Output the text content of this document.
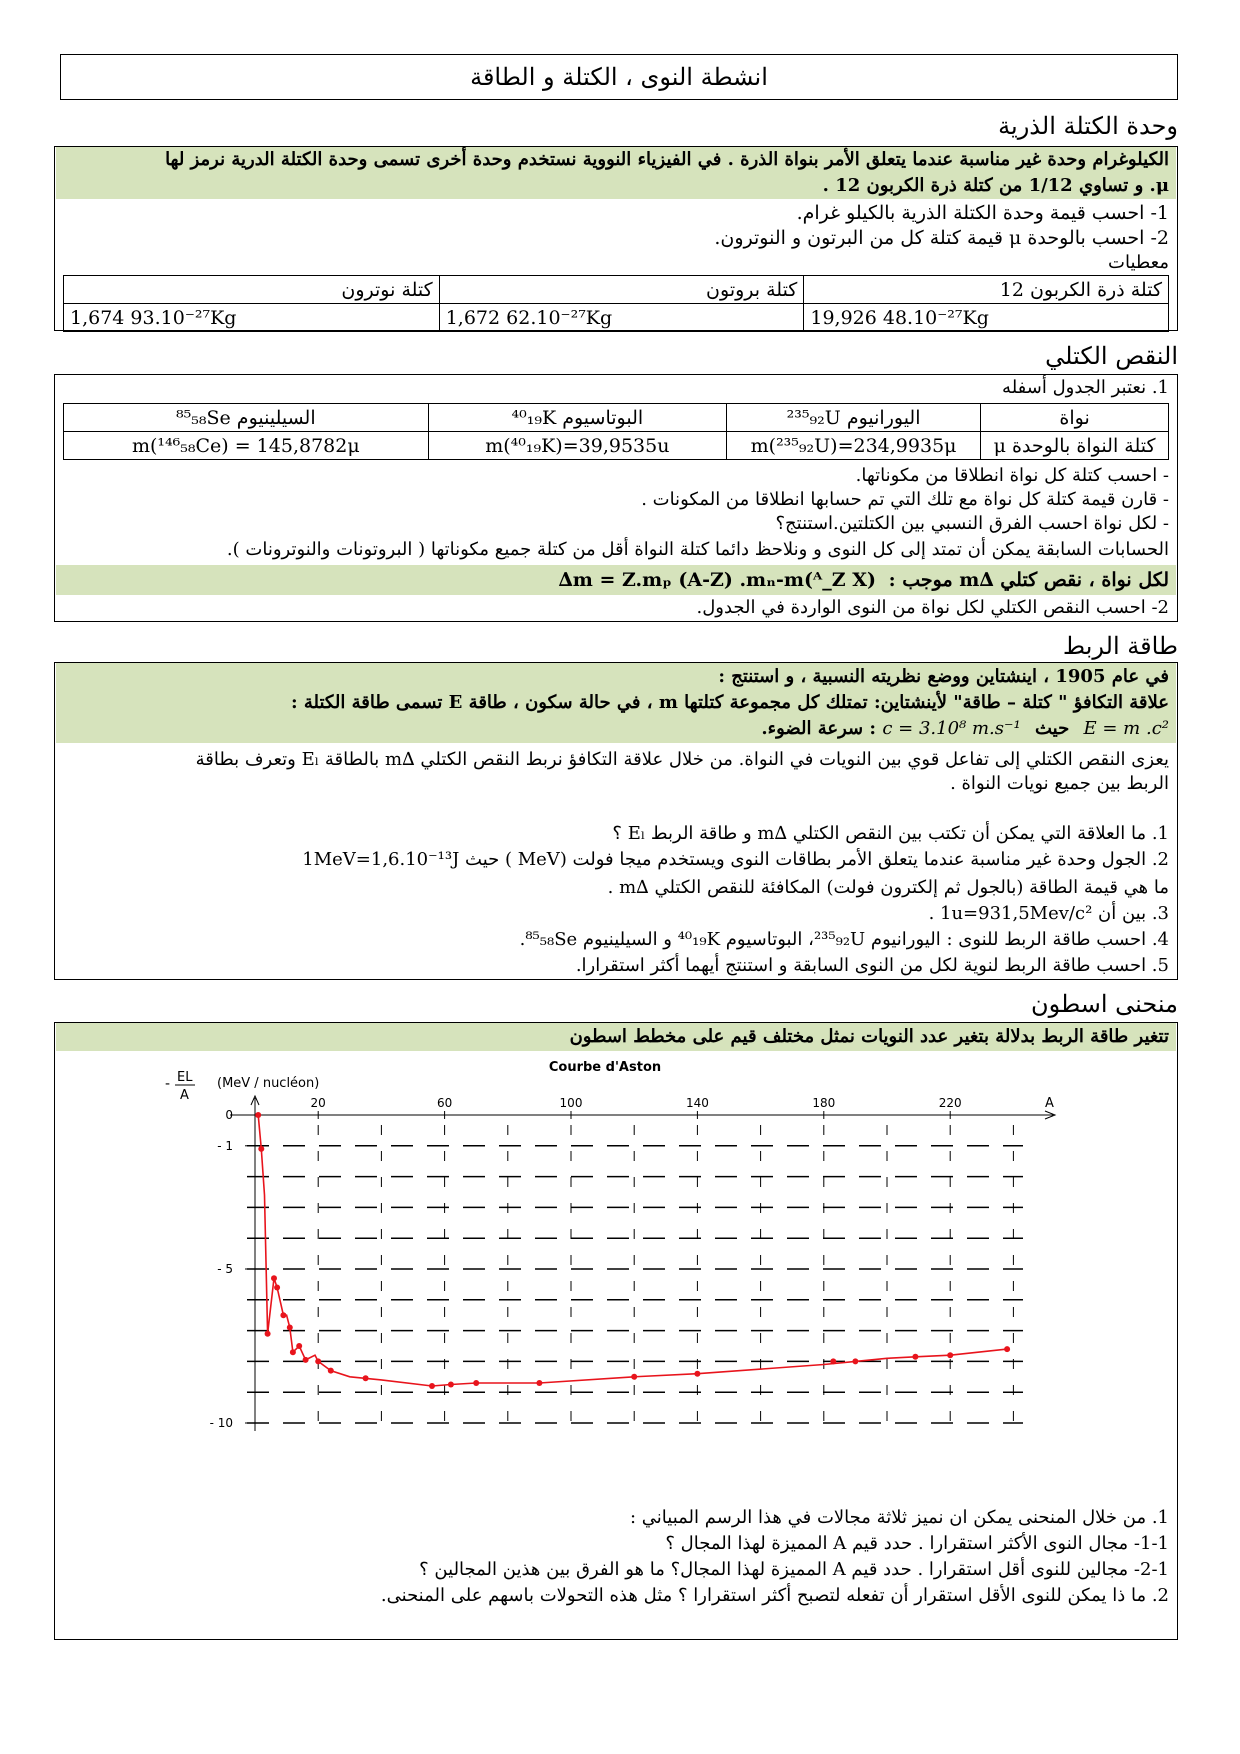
انشطة النوى ، الكتلة و الطاقة
وحدة الكتلة الذرية
الكيلوغرام وحدة غير مناسبة عندما يتعلق الأمر بنواة الذرة . في الفيزياء النووية نستخدم وحدة أخرى تسمى وحدة الكتلة الدرية نرمز لها
μ. و تساوي 1/12 من كتلة ذرة الكربون 12 .
1- احسب قيمة وحدة الكتلة الذرية بالكيلو غرام.
2- احسب بالوحدة μ قيمة كتلة كل من البرتون و النوترون.
معطيات
كتلة ذرة الكربون 12	كتلة بروتون	كتلة نوترون
19,926 48.10⁻²⁷Kg	1,672 62.10⁻²⁷Kg	1,674 93.10⁻²⁷Kg
النقص الكتلي
1. نعتبر الجدول أسفله
نواة	اليورانيوم ²³⁵₉₂U	البوتاسيوم ⁴⁰₁₉K	السيلينيوم ⁸⁵₅₈Se
كتلة النواة بالوحدة μ	m(²³⁵₉₂U)=234,9935μ	m(⁴⁰₁₉K)=39,9535u	m(¹⁴⁶₅₈Ce) = 145,8782μ
- احسب كتلة كل نواة انطلاقا من مكوناتها.
- قارن قيمة كتلة كل نواة مع تلك التي تم حسابها انطلاقا من المكونات .
- لكل نواة احسب الفرق النسبي بين الكتلتين.استنتج؟
الحسابات السابقة يمكن أن تمتد إلى كل النوى و ونلاحظ دائما كتلة النواة أقل من كتلة جميع مكوناتها ( البروتونات والنوترونات ).
لكل نواة ، نقص كتلي ∆m موجب : ∆m = Z.mₚ (A-Z) .mₙ-m(ᴬ_Z X)
2- احسب النقص الكتلي لكل نواة من النوى الواردة في الجدول.
طاقة الربط
في عام 1905 ، اينشتاين ووضع نظريته النسبية ، و استنتج :
علاقة التكافؤ " كتلة – طاقة" لأينشتاين: تمتلك كل مجموعة كتلتها m ، في حالة سكون ، طاقة E تسمى طاقة الكتلة :
E = m .c² حيث c = 3.10⁸ m.s⁻¹ : سرعة الضوء.
يعزى النقص الكتلي إلى تفاعل قوي بين النويات في النواة. من خلال علاقة التكافؤ نربط النقص الكتلي ∆m بالطاقة Eₗ وتعرف بطاقة
الربط بين جميع نويات النواة .
1. ما العلاقة التي يمكن أن تكتب بين النقص الكتلي ∆m و طاقة الربط Eₗ ؟
2. الجول وحدة غير مناسبة عندما يتعلق الأمر بطاقات النوى ويستخدم ميجا فولت (MeV ) حيث 1MeV=1,6.10⁻¹³J
ما هي قيمة الطاقة (بالجول ثم إلكترون فولت) المكافئة للنقص الكتلي ∆m .
3. بين أن 1u=931,5Mev/c² .
4. احسب طاقة الربط للنوى : اليورانيوم ²³⁵₉₂U، البوتاسيوم ⁴⁰₁₉K و السيلينيوم ⁸⁵₅₈Se.
5. احسب طاقة الربط لنوية لكل من النوى السابقة و استنتج أيهما أكثر استقرارا.
منحنى اسطون
تتغير طاقة الربط بدلالة بتغير عدد النويات نمثل مختلف قيم على مخطط اسطون
Courbe d'Aston
- EL
A
(MeV / nucléon)
A
20	60	100	140	180	220
0
- 1
- 5
- 10
1. من خلال المنحنى يمكن ان نميز ثلاثة مجالات في هذا الرسم المبياني :
1-1- مجال النوى الأكثر استقرارا . حدد قيم A المميزة لهذا المجال ؟
2-1- مجالين للنوى أقل استقرارا . حدد قيم A المميزة لهذا المجال؟ ما هو الفرق بين هذين المجالين ؟
2. ما ذا يمكن للنوى الأقل استقرار أن تفعله لتصبح أكثر استقرارا ؟ مثل هذه التحولات باسهم على المنحنى.
